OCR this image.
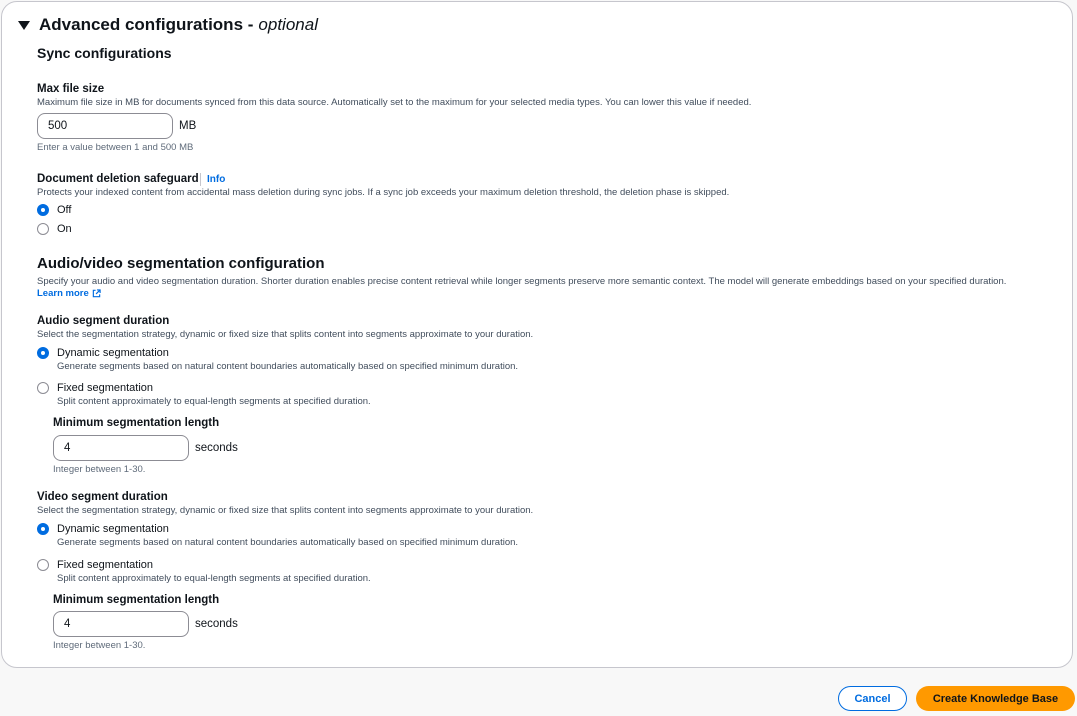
Advanced configurations - optional
Sync configurations
Max file size
Maximum file size in MB for documents synced from this data source. Automatically set to the maximum for your selected media types. You can lower this value if needed.
500
MB
Enter a value between 1 and 500 MB
Document deletion safeguard Info
Protects your indexed content from accidental mass deletion during sync jobs. If a sync job exceeds your maximum deletion threshold, the deletion phase is skipped.
Off
On
Audio/video segmentation configuration
Specify your audio and video segmentation duration. Shorter duration enables precise content retrieval while longer segments preserve more semantic context. The model will generate embeddings based on your specified duration.
Learn more
Audio segment duration
Select the segmentation strategy, dynamic or fixed size that splits content into segments approximate to your duration.
Dynamic segmentation
Generate segments based on natural content boundaries automatically based on specified minimum duration.
Fixed segmentation
Split content approximately to equal-length segments at specified duration.
Minimum segmentation length
4
seconds
Integer between 1-30.
Video segment duration
Select the segmentation strategy, dynamic or fixed size that splits content into segments approximate to your duration.
Dynamic segmentation
Generate segments based on natural content boundaries automatically based on specified minimum duration.
Fixed segmentation
Split content approximately to equal-length segments at specified duration.
Minimum segmentation length
4
seconds
Integer between 1-30.
Cancel	Create Knowledge Base
